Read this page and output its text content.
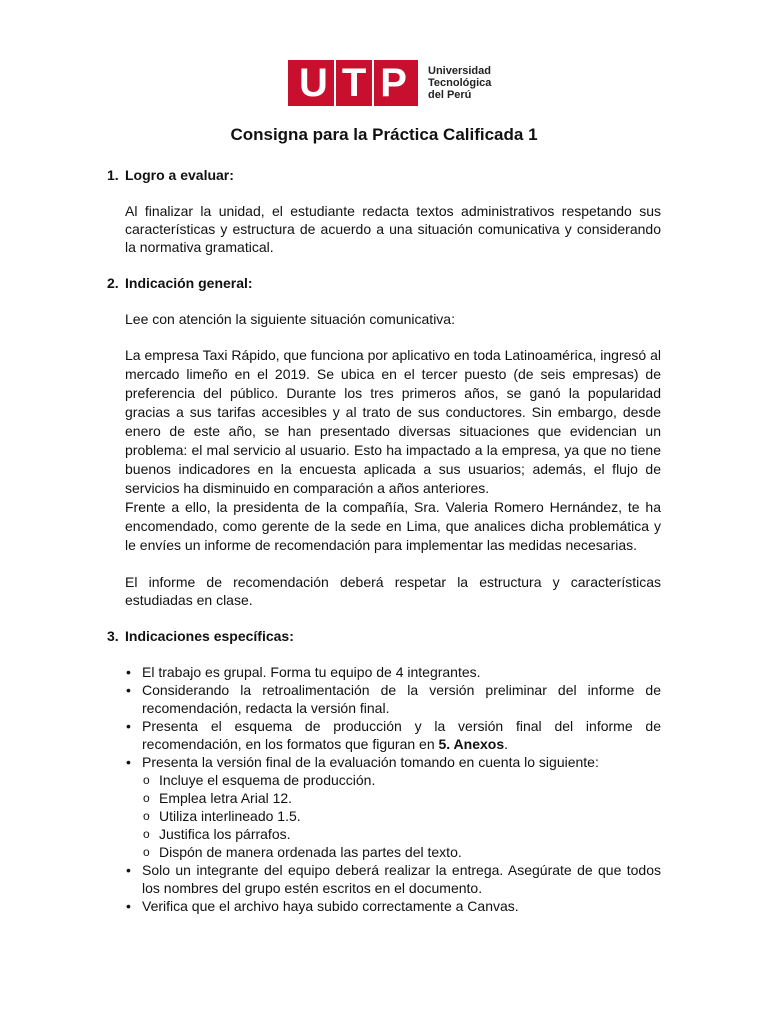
U T P Universidad
Tecnológica
del Perú
Consigna para la Práctica Calificada 1
1. Logro a evaluar:
Al finalizar la unidad, el estudiante redacta textos administrativos respetando sus características y estructura de acuerdo a una situación comunicativa y considerando la normativa gramatical.
2. Indicación general:
Lee con atención la siguiente situación comunicativa:
La empresa Taxi Rápido, que funciona por aplicativo en toda Latinoamérica, ingresó al mercado limeño en el 2019. Se ubica en el tercer puesto (de seis empresas) de preferencia del público. Durante los tres primeros años, se ganó la popularidad gracias a sus tarifas accesibles y al trato de sus conductores. Sin embargo, desde enero de este año, se han presentado diversas situaciones que evidencian un problema: el mal servicio al usuario. Esto ha impactado a la empresa, ya que no tiene buenos indicadores en la encuesta aplicada a sus usuarios; además, el flujo de servicios ha disminuido en comparación a años anteriores.
Frente a ello, la presidenta de la compañía, Sra. Valeria Romero Hernández, te ha encomendado, como gerente de la sede en Lima, que analices dicha problemática y le envíes un informe de recomendación para implementar las medidas necesarias.
El informe de recomendación deberá respetar la estructura y características estudiadas en clase.
3. Indicaciones específicas:
• El trabajo es grupal. Forma tu equipo de 4 integrantes.
• Considerando la retroalimentación de la versión preliminar del informe de recomendación, redacta la versión final.
• Presenta el esquema de producción y la versión final del informe de recomendación, en los formatos que figuran en 5. Anexos.
• Presenta la versión final de la evaluación tomando en cuenta lo siguiente:
o Incluye el esquema de producción.
o Emplea letra Arial 12.
o Utiliza interlineado 1.5.
o Justifica los párrafos.
o Dispón de manera ordenada las partes del texto.
• Solo un integrante del equipo deberá realizar la entrega. Asegúrate de que todos los nombres del grupo estén escritos en el documento.
• Verifica que el archivo haya subido correctamente a Canvas.
